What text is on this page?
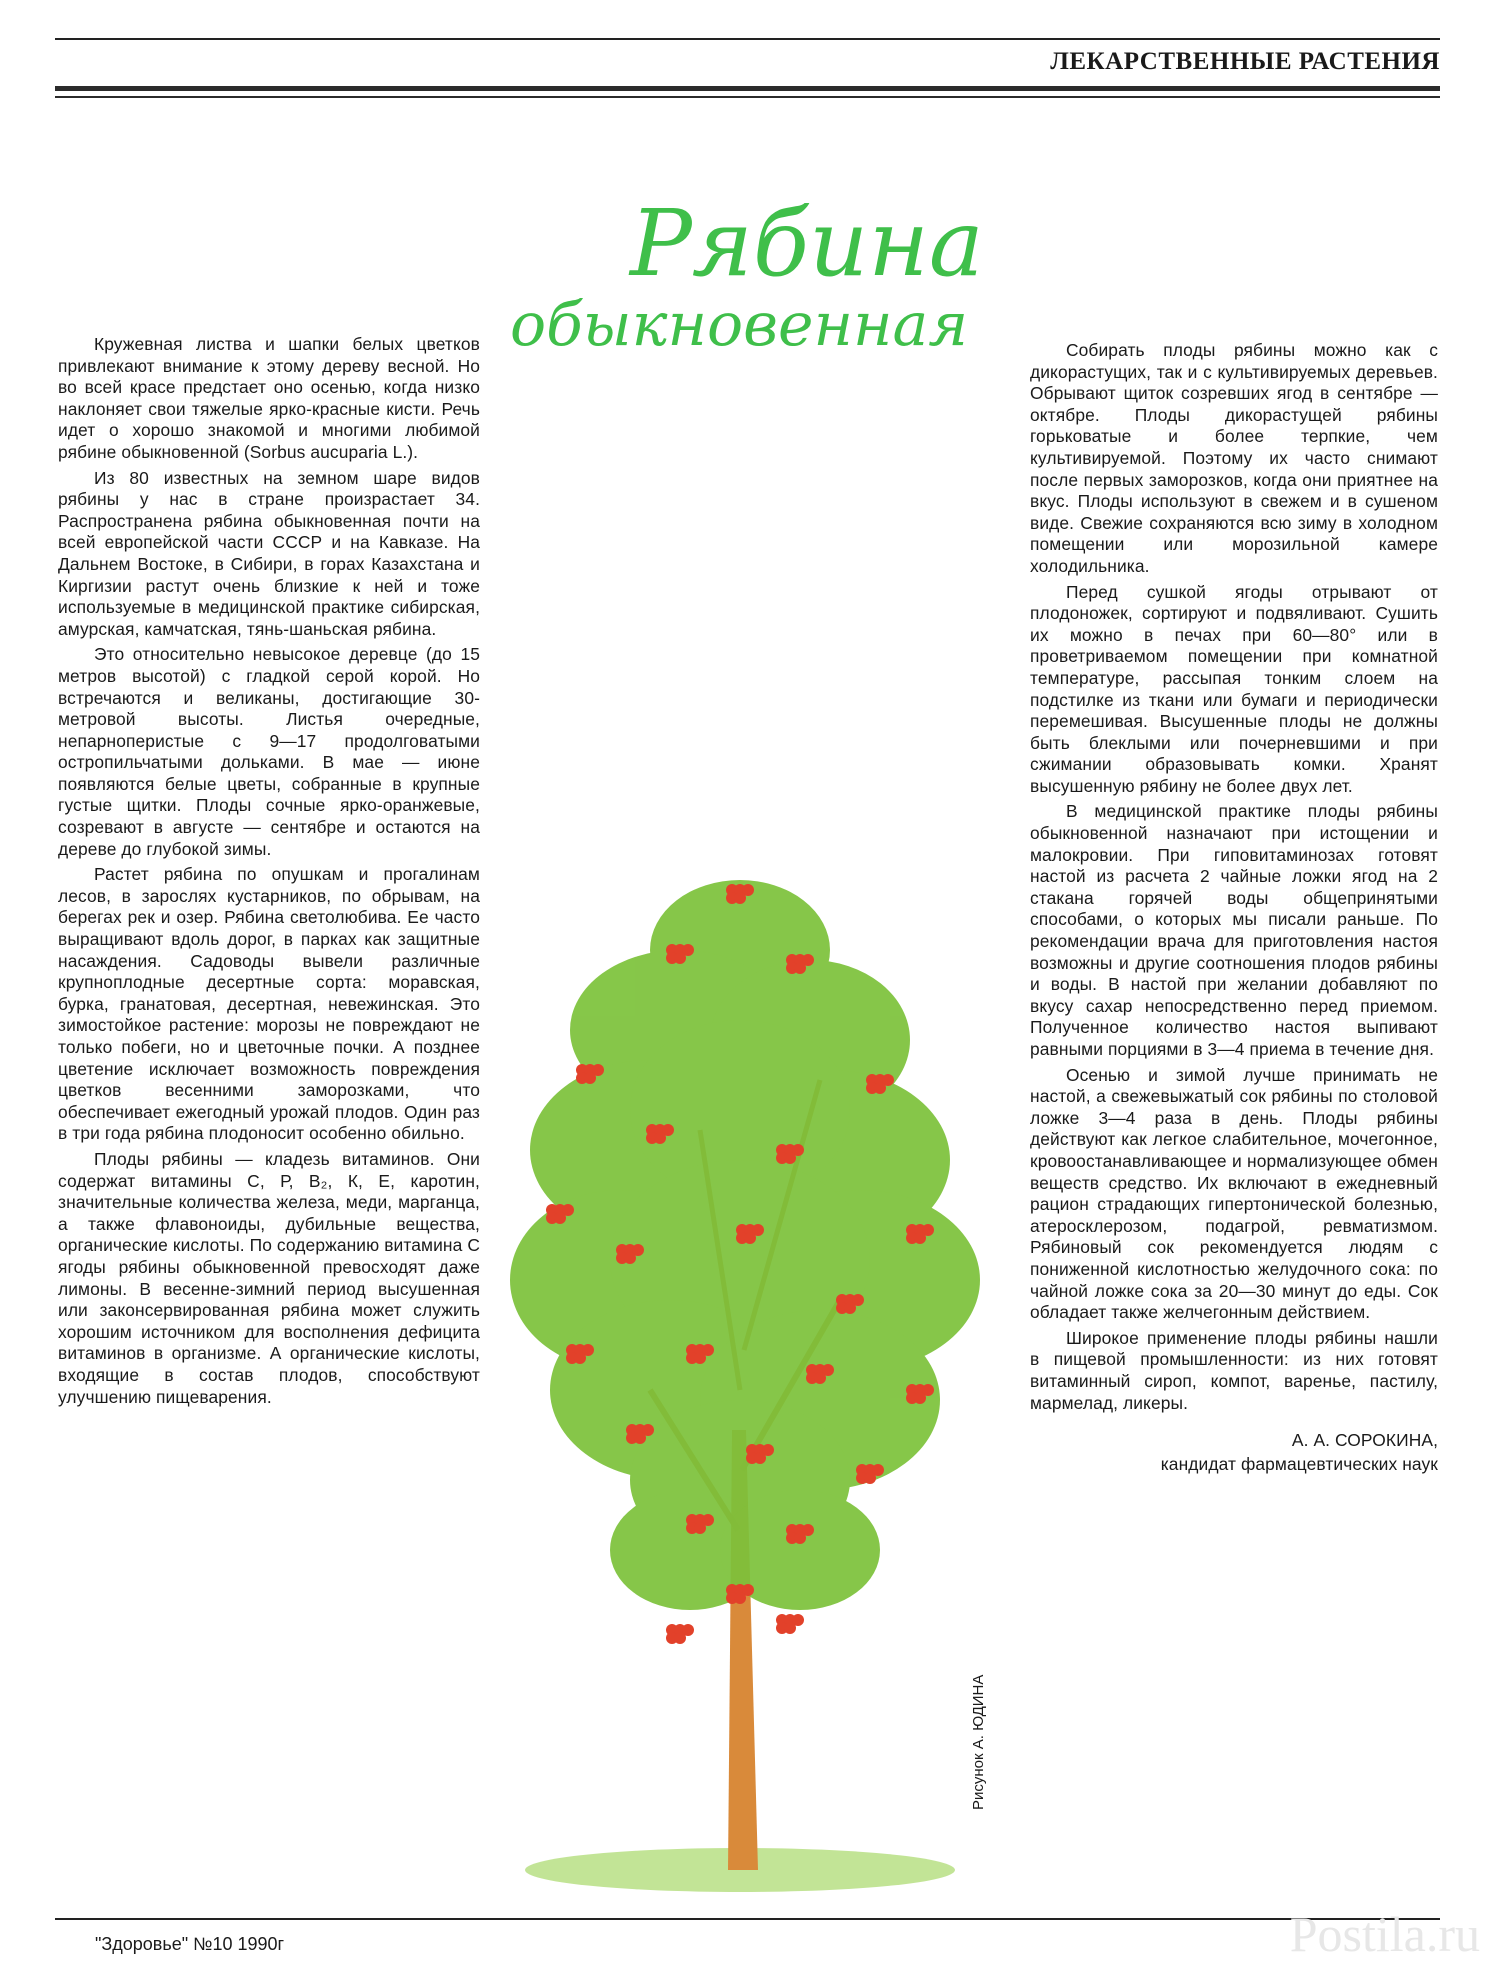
ЛЕКАРСТВЕННЫЕ РАСТЕНИЯ
Рябина
обыкновенная

Кружевная листва и шапки белых цветков привлекают внимание к этому дереву весной. Но во всей красе предстает оно осенью, когда низко наклоняет свои тяжелые ярко-красные кисти. Речь идет о хорошо знакомой и многими любимой рябине обыкновенной (Sorbus aucuparia L.).

Из 80 известных на земном шаре видов рябины у нас в стране произрастает 34. Распространена рябина обыкновенная почти на всей европейской части СССР и на Кавказе. На Дальнем Востоке, в Сибири, в горах Казахстана и Киргизии растут очень близкие к ней и тоже используемые в медицинской практике сибирская, амурская, камчатская, тянь-шаньская рябина.

Это относительно невысокое деревце (до 15 метров высотой) с гладкой серой корой. Но встречаются и великаны, достигающие 30-метровой высоты. Листья очередные, непарноперистые с 9—17 продолговатыми остропильчатыми дольками. В мае — июне появляются белые цветы, собранные в крупные густые щитки. Плоды сочные ярко-оранжевые, созревают в августе — сентябре и остаются на дереве до глубокой зимы.

Растет рябина по опушкам и прогалинам лесов, в зарослях кустарников, по обрывам, на берегах рек и озер. Рябина светолюбива. Ее часто выращивают вдоль дорог, в парках как защитные насаждения. Садоводы вывели различные крупноплодные десертные сорта: моравская, бурка, гранатовая, десертная, невежинская. Это зимостойкое растение: морозы не повреждают не только побеги, но и цветочные почки. А позднее цветение исключает возможность повреждения цветков весенними заморозками, что обеспечивает ежегодный урожай плодов. Один раз в три года рябина плодоносит особенно обильно.

Плоды рябины — кладезь витаминов. Они содержат витамины С, Р, В₂, К, Е, каротин, значительные количества железа, меди, марганца, а также флавоноиды, дубильные вещества, органические кислоты. По содержанию витамина С ягоды рябины обыкновенной превосходят даже лимоны. В весенне-зимний период высушенная или законсервированная рябина может служить хорошим источником для восполнения дефицита витаминов в организме. А органические кислоты, входящие в состав плодов, способствуют улучшению пищеварения.

Собирать плоды рябины можно как с дикорастущих, так и с культивируемых деревьев. Обрывают щиток созревших ягод в сентябре — октябре. Плоды дикорастущей рябины горьковатые и более терпкие, чем культивируемой. Поэтому их часто снимают после первых заморозков, когда они приятнее на вкус. Плоды используют в свежем и в сушеном виде. Свежие сохраняются всю зиму в холодном помещении или морозильной камере холодильника.

Перед сушкой ягоды отрывают от плодоножек, сортируют и подвяливают. Сушить их можно в печах при 60—80° или в проветриваемом помещении при комнатной температуре, рассыпая тонким слоем на подстилке из ткани или бумаги и периодически перемешивая. Высушенные плоды не должны быть блеклыми или почерневшими и при сжимании образовывать комки. Хранят высушенную рябину не более двух лет.

В медицинской практике плоды рябины обыкновенной назначают при истощении и малокровии. При гиповитаминозах готовят настой из расчета 2 чайные ложки ягод на 2 стакана горячей воды общепринятыми способами, о которых мы писали раньше. По рекомендации врача для приготовления настоя возможны и другие соотношения плодов рябины и воды. В настой при желании добавляют по вкусу сахар непосредственно перед приемом. Полученное количество настоя выпивают равными порциями в 3—4 приема в течение дня.

Осенью и зимой лучше принимать не настой, а свежевыжатый сок рябины по столовой ложке 3—4 раза в день. Плоды рябины действуют как легкое слабительное, мочегонное, кровоостанавливающее и нормализующее обмен веществ средство. Их включают в ежедневный рацион страдающих гипертонической болезнью, атеросклерозом, подагрой, ревматизмом. Рябиновый сок рекомендуется людям с пониженной кислотностью желудочного сока: по чайной ложке сока за 20—30 минут до еды. Сок обладает также желчегонным действием.

Широкое применение плоды рябины нашли в пищевой промышленности: из них готовят витаминный сироп, компот, варенье, пастилу, мармелад, ликеры.

А. А. СОРОКИНА,
кандидат фармацевтических наук
Рисунок А. ЮДИНА
"Здоровье" №10 1990г	Postila.ru
